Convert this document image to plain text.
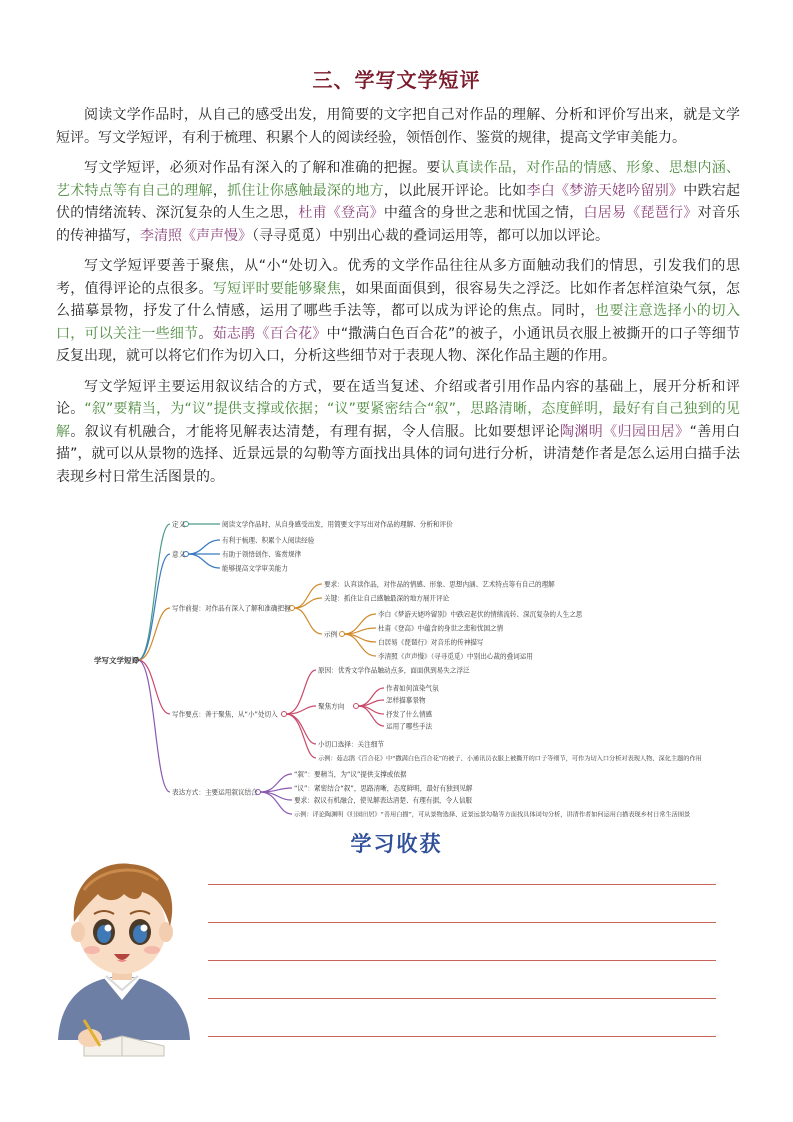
三、学写文学短评

阅读文学作品时，从自己的感受出发，用简要的文字把自己对作品的理解、分析和评价写出来，就是文学短评。写文学短评，有利于梳理、积累个人的阅读经验，领悟创作、鉴赏的规律，提高文学审美能力。

写文学短评，必须对作品有深入的了解和准确的把握。要认真读作品，对作品的情感、形象、思想内涵、艺术特点等有自己的理解，抓住让你感触最深的地方，以此展开评论。比如李白《梦游天姥吟留别》中跌宕起伏的情绪流转、深沉复杂的人生之思，杜甫《登高》中蕴含的身世之悲和忧国之情，白居易《琵琶行》对音乐的传神描写，李清照《声声慢》（寻寻觅觅）中别出心裁的叠词运用等，都可以加以评论。

写文学短评要善于聚焦，从“小“处切入。优秀的文学作品往往从多方面触动我们的情思，引发我们的思考，值得评论的点很多。写短评时要能够聚焦，如果面面俱到，很容易失之浮泛。比如作者怎样渲染气氛，怎么描摹景物，抒发了什么情感，运用了哪些手法等，都可以成为评论的焦点。同时，也要注意选择小的切入口，可以关注一些细节。茹志鹃《百合花》中“撒满白色百合花”的被子，小通讯员衣服上被撕开的口子等细节反复出现，就可以将它们作为切入口，分析这些细节对于表现人物、深化作品主题的作用。

写文学短评主要运用叙议结合的方式，要在适当复述、介绍或者引用作品内容的基础上，展开分析和评论。“叙”要精当，为“议”提供支撑或依据；“议”要紧密结合“叙”，思路清晰，态度鲜明，最好有自己独到的见解。叙议有机融合，才能将见解表达清楚，有理有据，令人信服。比如要想评论陶渊明《归园田居》“善用白描”，就可以从景物的选择、近景远景的勾勒等方面找出具体的词句进行分析，讲清楚作者是怎么运用白描手法表现乡村日常生活图景的。

学写文学短评
定义	阅读文学作品时，从自身感受出发，用简要文字写出对作品的理解、分析和评价
意义
有利于梳理、积累个人阅读经验
有助于领悟创作、鉴赏规律
能够提高文学审美能力
写作前提：对作品有深入了解和准确把握
要求：认真读作品，对作品的情感、形象、思想内涵、艺术特点等有自己的理解
关键：抓住让自己感触最深的地方展开评论
示例
李白《梦游天姥吟留别》中跌宕起伏的情绪流转、深沉复杂的人生之思
杜甫《登高》中蕴含的身世之悲和忧国之情
白居易《琵琶行》对音乐的传神描写
李清照《声声慢》（寻寻觅觅）中别出心裁的叠词运用
写作要点：善于聚焦，从“小”处切入
原因：优秀文学作品触动点多，面面俱到易失之浮泛
聚焦方向
作者如何渲染气氛
怎样描摹景物
抒发了什么情感
运用了哪些手法
小切口选择：关注细节
示例：茹志鹃《百合花》中“撒满白色百合花”的被子、小通讯员衣服上被撕开的口子等细节，可作为切入口分析对表现人物、深化主题的作用
表达方式：主要运用叙议结合
“叙”：要精当，为“议”提供支撑或依据
“议”：紧密结合“叙”，思路清晰，态度鲜明，最好有独到见解
要求：叙议有机融合，使见解表达清楚、有理有据，令人信服
示例：评论陶渊明《归园田居》“善用白描”，可从景物选择、近景远景勾勒等方面找具体词句分析，讲清作者如何运用白描表现乡村日常生活图景
学习收获
